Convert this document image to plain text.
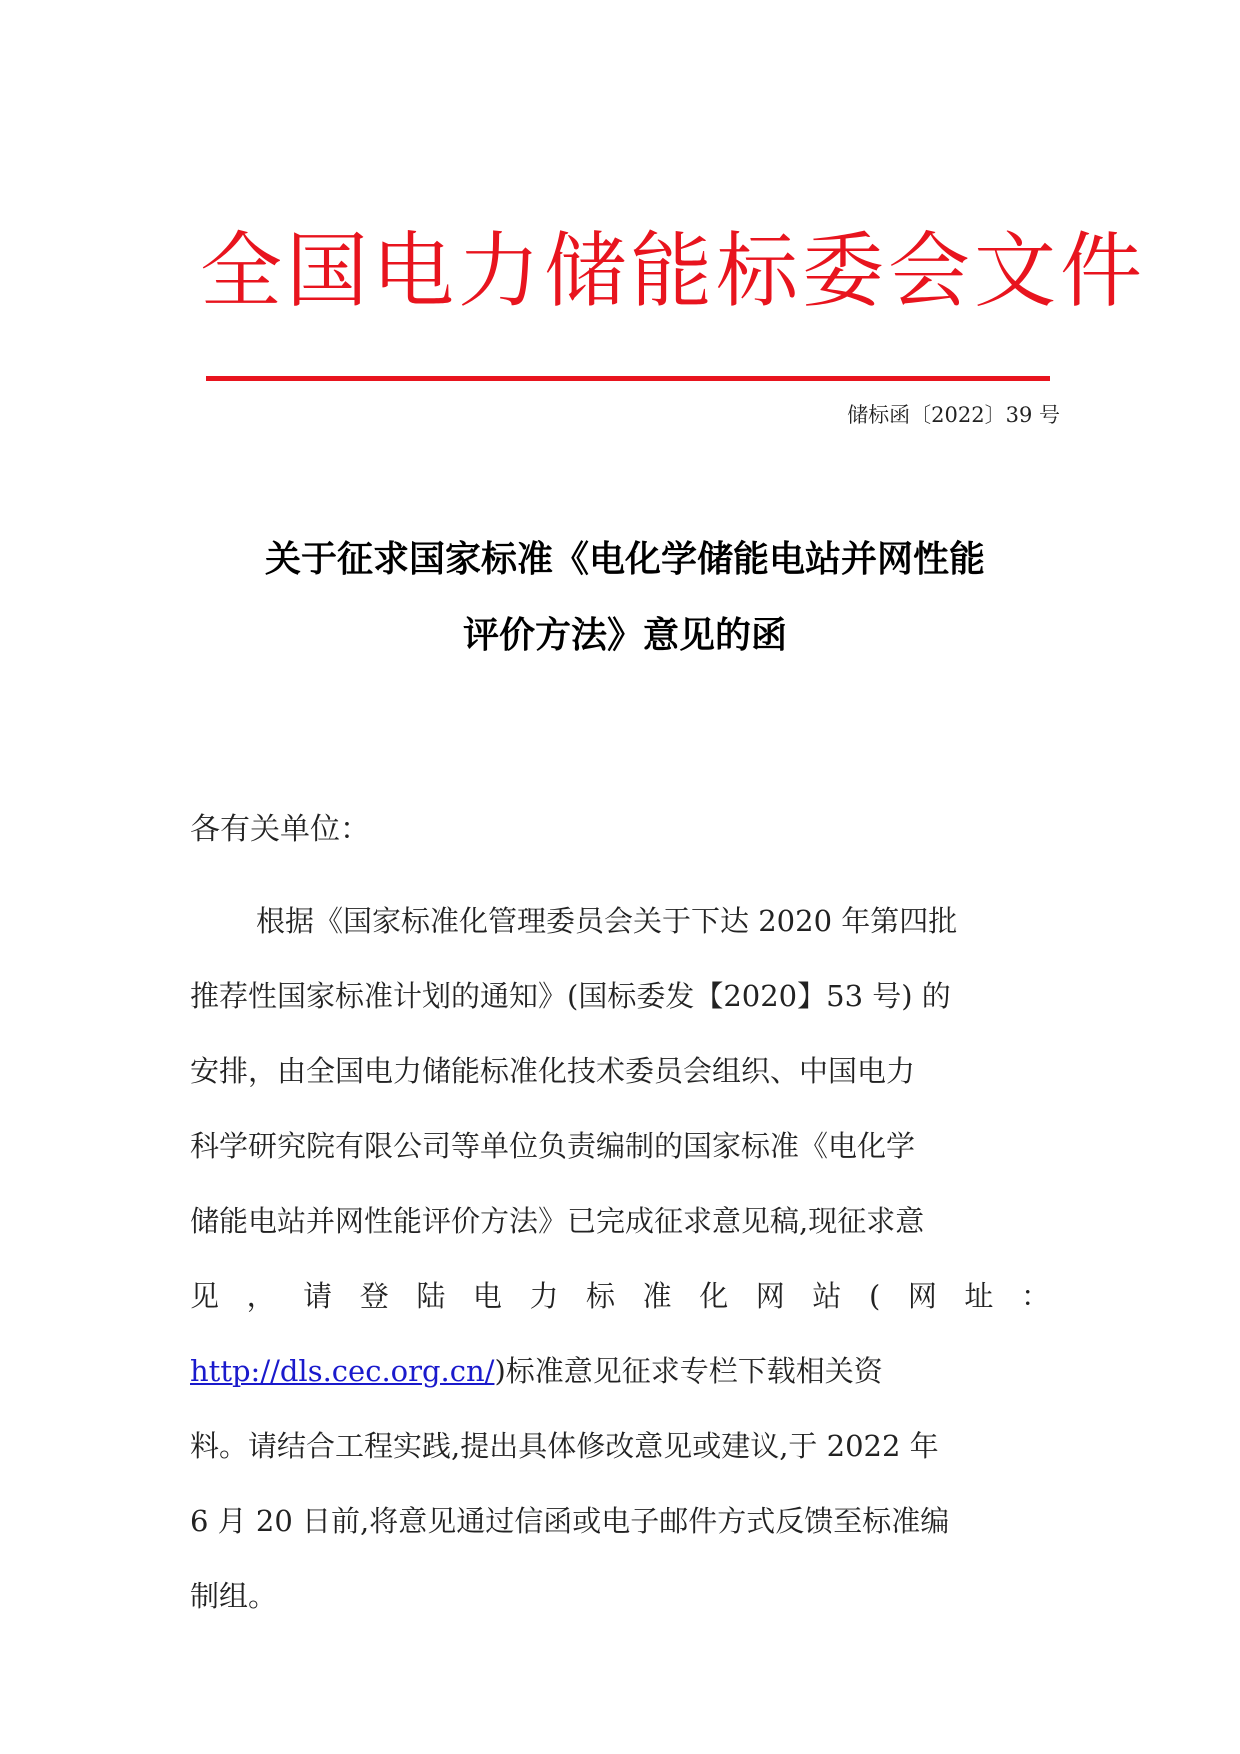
全国电力储能标委会文件
储标函〔2022〕39 号
关于征求国家标准《电化学储能电站并网性能
评价方法》意见的函
各有关单位：
根据《国家标准化管理委员会关于下达 2020 年第四批
推荐性国家标准计划的通知》(国标委发【2020】53 号) 的
安排，由全国电力储能标准化技术委员会组织、中国电力
科学研究院有限公司等单位负责编制的国家标准《电化学
储能电站并网性能评价方法》已完成征求意见稿,现征求意
见 ， 请 登 陆 电 力 标 准 化 网 站 ( 网 址 ：
http://dls.cec.org.cn/)标准意见征求专栏下载相关资
料。请结合工程实践,提出具体修改意见或建议,于 2022 年
6 月 20 日前,将意见通过信函或电子邮件方式反馈至标准编
制组。
